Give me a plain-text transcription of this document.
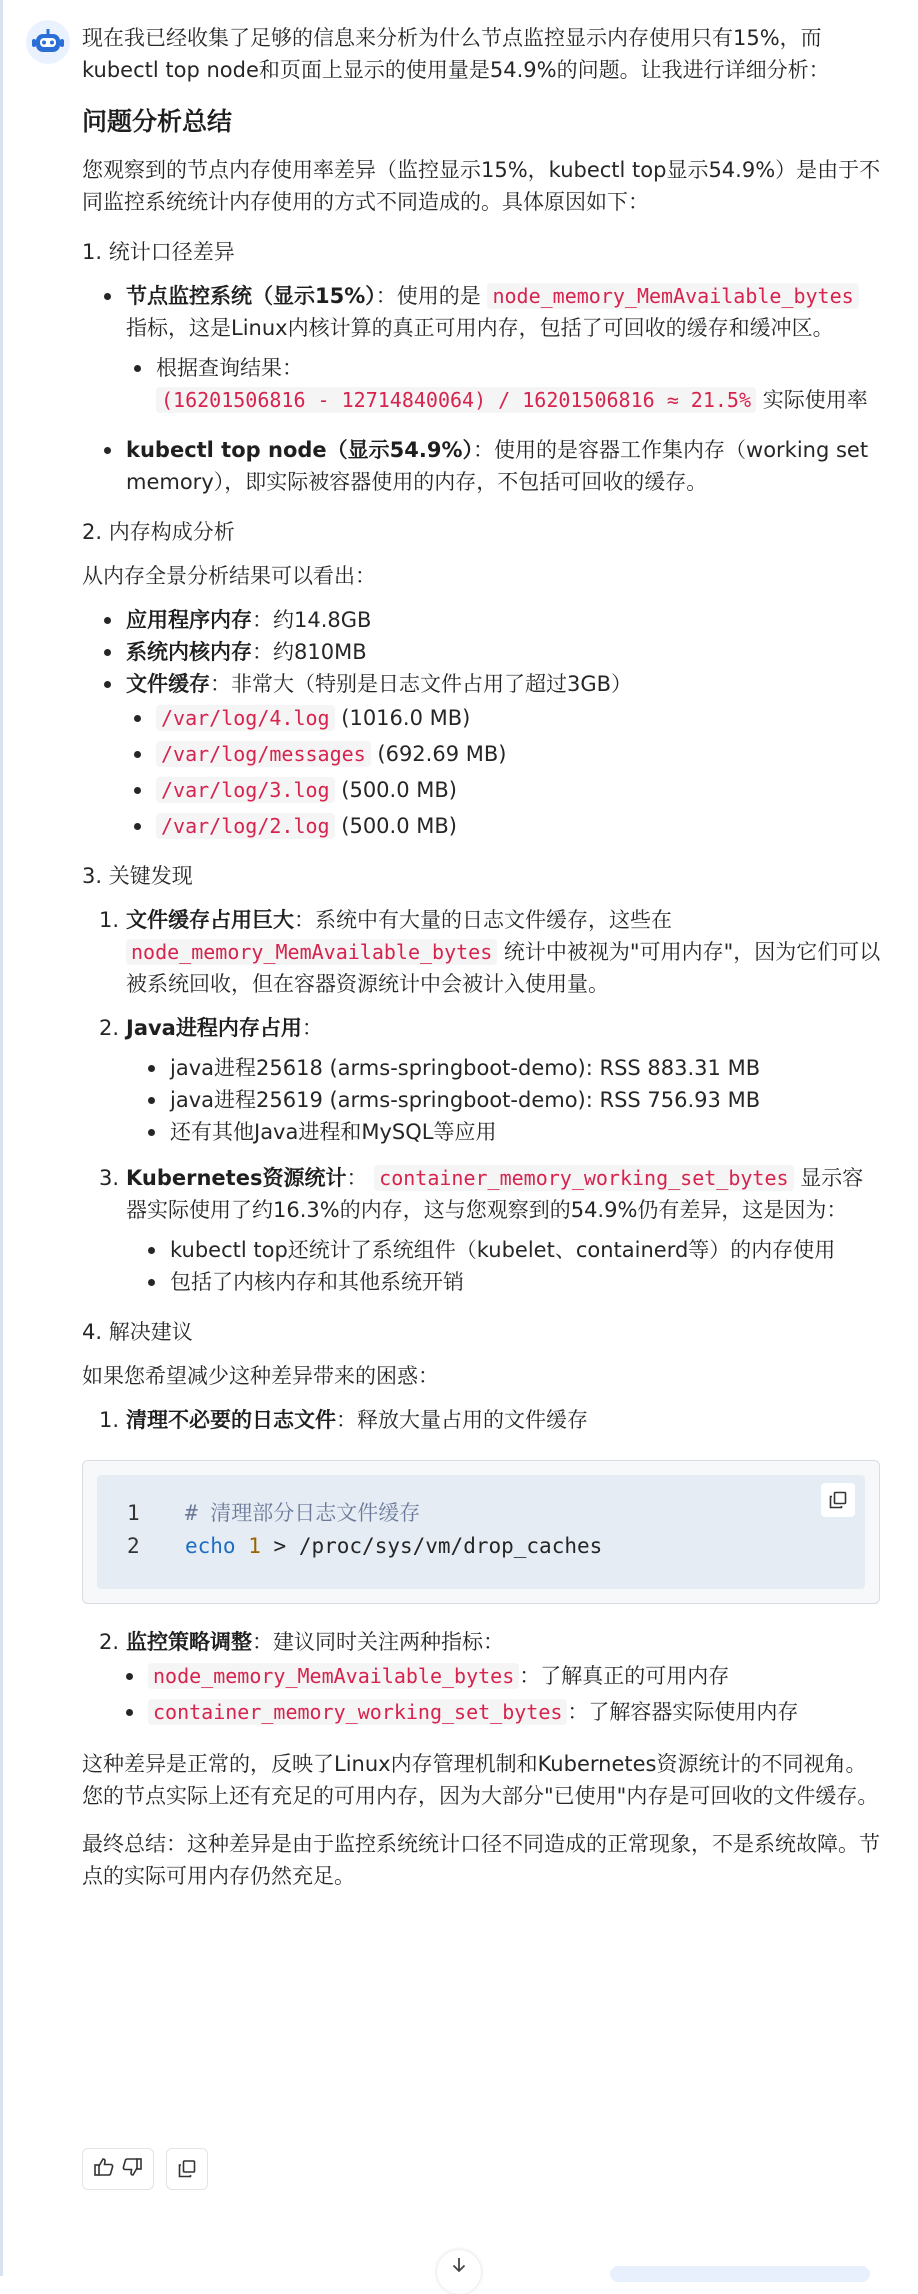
现在我已经收集了足够的信息来分析为什么节点监控显示内存使用只有15%，而kubectl top node和页面上显示的使用量是54.9%的问题。让我进行详细分析：

问题分析总结

您观察到的节点内存使用率差异（监控显示15%，kubectl top显示54.9%）是由于不同监控系统统计内存使用的方式不同造成的。具体原因如下：

1. 统计口径差异

节点监控系统（显示15%）：使用的是 node_memory_MemAvailable_bytes 指标，这是Linux内核计算的真正可用内存，包括了可回收的缓存和缓冲区。
根据查询结果：
(16201506816 - 12714840064) / 16201506816 ≈ 21.5% 实际使用率
kubectl top node（显示54.9%）：使用的是容器工作集内存（working set memory），即实际被容器使用的内存，不包括可回收的缓存。

2. 内存构成分析

从内存全景分析结果可以看出：

应用程序内存：约14.8GB
系统内核内存：约810MB
文件缓存：非常大（特别是日志文件占用了超过3GB）
/var/log/4.log (1016.0 MB)
/var/log/messages (692.69 MB)
/var/log/3.log (500.0 MB)
/var/log/2.log (500.0 MB)

3. 关键发现

1. 文件缓存占用巨大：系统中有大量的日志文件缓存，这些在
node_memory_MemAvailable_bytes 统计中被视为"可用内存"，因为它们可以被系统回收，但在容器资源统计中会被计入使用量。
2. Java进程内存占用：
java进程25618 (arms-springboot-demo): RSS 883.31 MB
java进程25619 (arms-springboot-demo): RSS 756.93 MB
还有其他Java进程和MySQL等应用
3. Kubernetes资源统计： container_memory_working_set_bytes 显示容器实际使用了约16.3%的内存，这与您观察到的54.9%仍有差异，这是因为：
kubectl top还统计了系统组件（kubelet、containerd等）的内存使用
包括了内核内存和其他系统开销

4. 解决建议

如果您希望减少这种差异带来的困惑：

1. 清理不必要的日志文件：释放大量占用的文件缓存
1	# 清理部分日志文件缓存
2	echo 1 > /proc/sys/vm/drop_caches
2. 监控策略调整：建议同时关注两种指标：
node_memory_MemAvailable_bytes ：了解真正的可用内存
container_memory_working_set_bytes ：了解容器实际使用内存

这种差异是正常的，反映了Linux内存管理机制和Kubernetes资源统计的不同视角。您的节点实际上还有充足的可用内存，因为大部分"已使用"内存是可回收的文件缓存。

最终总结：这种差异是由于监控系统统计口径不同造成的正常现象，不是系统故障。节点的实际可用内存仍然充足。
